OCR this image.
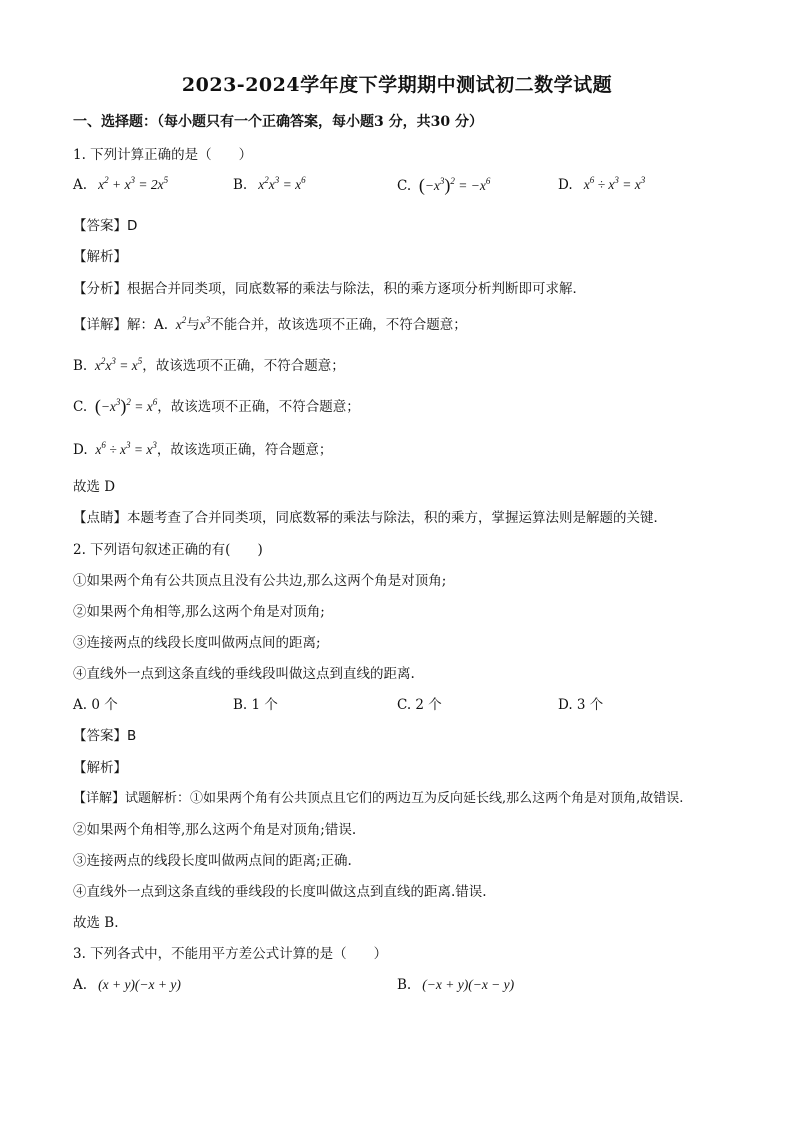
2023-2024学年度下学期期中测试初二数学试题
一、选择题：（每小题只有一个正确答案，每小题3 分，共30 分）
1. 下列计算正确的是（　　）
A.   $x^2 + x^3 = 2x^5$	B.   $x^2x^3 = x^6$	C. $(-x^3)^2 = -x^6$	D.   $x^6 \div x^3 = x^3$
【答案】D
【解析】
【分析】根据合并同类项，同底数幂的乘法与除法，积的乘方逐项分析判断即可求解．
【详解】解：A.  $x^2$与$x^3$不能合并，故该选项不正确，不符合题意；
B.  $x^2x^3 = x^5$，故该选项不正确，不符合题意；
C. $(-x^3)^2 = x^6$，故该选项不正确，不符合题意；
D.  $x^6 \div x^3 = x^3$，故该选项正确，符合题意；
故选 D
【点睛】本题考查了合并同类项，同底数幂的乘法与除法，积的乘方，掌握运算法则是解题的关键．
2. 下列语句叙述正确的有(　　)
①如果两个角有公共顶点且没有公共边,那么这两个角是对顶角;
②如果两个角相等,那么这两个角是对顶角;
③连接两点的线段长度叫做两点间的距离;
④直线外一点到这条直线的垂线段叫做这点到直线的距离.
A. 0 个	B. 1 个	C. 2 个	D. 3 个
【答案】B
【解析】
【详解】试题解析：①如果两个角有公共顶点且它们的两边互为反向延长线,那么这两个角是对顶角,故错误.
②如果两个角相等,那么这两个角是对顶角;错误.
③连接两点的线段长度叫做两点间的距离;正确.
④直线外一点到这条直线的垂线段的长度叫做这点到直线的距离.错误.
故选 B.
3. 下列各式中，不能用平方差公式计算的是（　　）
A.   (x + y)(−x + y)	B.   (−x + y)(−x − y)
